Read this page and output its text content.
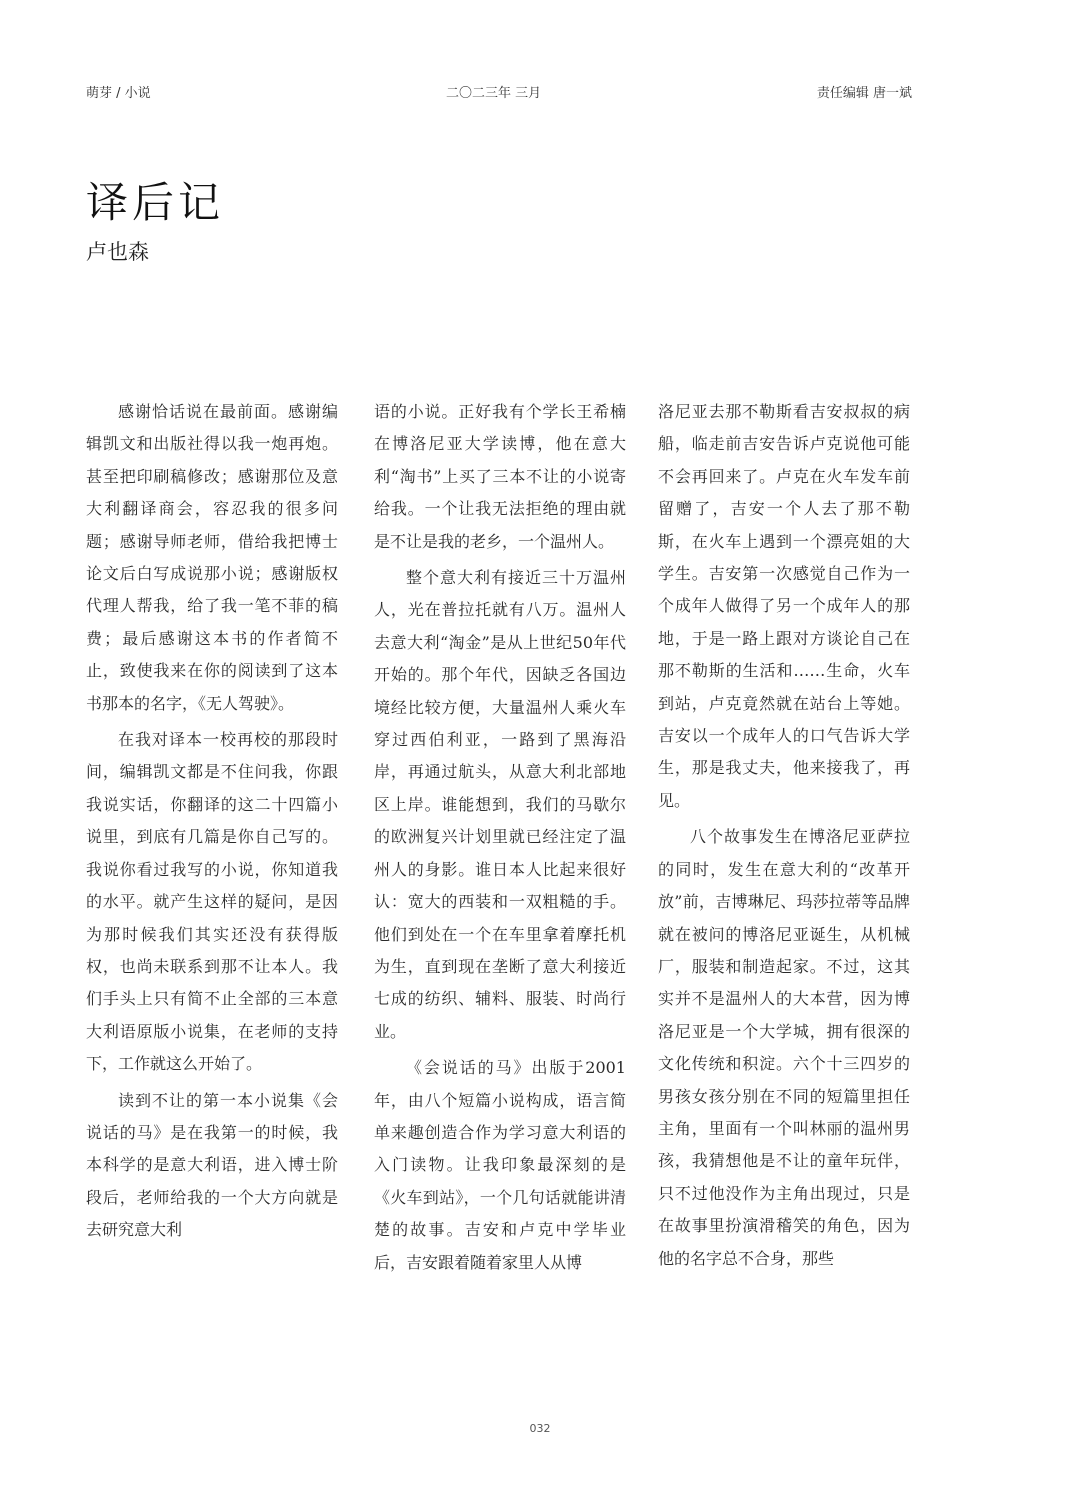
萌芽 / 小说	二〇二三年 三月	责任编辑 唐一斌
译后记
卢也森

感谢恰话说在最前面。感谢编辑凯文和出版社得以我一炮再炮。甚至把印刷稿修改；感谢那位及意大利翻译商会，容忍我的很多问题；感谢导师老师，借给我把博士论文后白写成说那小说；感谢版权代理人帮我，给了我一笔不菲的稿费；最后感谢这本书的作者简不止，致使我来在你的阅读到了这本书那本的名字，《无人驾驶》。

在我对译本一校再校的那段时间，编辑凯文都是不住问我，你跟我说实话，你翻译的这二十四篇小说里，到底有几篇是你自己写的。我说你看过我写的小说，你知道我的水平。就产生这样的疑问，是因为那时候我们其实还没有获得版权，也尚未联系到那不让本人。我们手头上只有简不止全部的三本意大利语原版小说集，在老师的支持下，工作就这么开始了。

读到不让的第一本小说集《会说话的马》是在我第一的时候，我本科学的是意大利语，进入博士阶段后，老师给我的一个大方向就是去研究意大利

语的小说。正好我有个学长王希楠在博洛尼亚大学读博，他在意大利“淘书”上买了三本不让的小说寄给我。一个让我无法拒绝的理由就是不让是我的老乡，一个温州人。

整个意大利有接近三十万温州人，光在普拉托就有八万。温州人去意大利“淘金”是从上世纪50年代开始的。那个年代，因缺乏各国边境经比较方便，大量温州人乘火车穿过西伯利亚，一路到了黑海沿岸，再通过航头，从意大利北部地区上岸。谁能想到，我们的马歇尔的欧洲复兴计划里就已经注定了温州人的身影。谁日本人比起来很好认：宽大的西装和一双粗糙的手。他们到处在一个在车里拿着摩托机为生，直到现在垄断了意大利接近七成的纺织、辅料、服装、时尚行业。

《会说话的马》出版于2001年，由八个短篇小说构成，语言简单来趣创造合作为学习意大利语的入门读物。让我印象最深刻的是《火车到站》，一个几句话就能讲清楚的故事。吉安和卢克中学毕业后，吉安跟着随着家里人从博

洛尼亚去那不勒斯看吉安叔叔的病船，临走前吉安告诉卢克说他可能不会再回来了。卢克在火车发车前留赠了，吉安一个人去了那不勒斯，在火车上遇到一个漂亮姐的大学生。吉安第一次感觉自己作为一个成年人做得了另一个成年人的那地，于是一路上跟对方谈论自己在那不勒斯的生活和……生命，火车到站，卢克竟然就在站台上等她。吉安以一个成年人的口气告诉大学生，那是我丈夫，他来接我了，再见。

八个故事发生在博洛尼亚萨拉的同时，发生在意大利的“改革开放”前，吉博琳尼、玛莎拉蒂等品牌就在被问的博洛尼亚诞生，从机械厂，服装和制造起家。不过，这其实并不是温州人的大本营，因为博洛尼亚是一个大学城，拥有很深的文化传统和积淀。六个十三四岁的男孩女孩分别在不同的短篇里担任主角，里面有一个叫林丽的温州男孩，我猜想他是不让的童年玩伴，只不过他没作为主角出现过，只是在故事里扮演滑稽笑的角色，因为他的名字总不合身，那些

032
